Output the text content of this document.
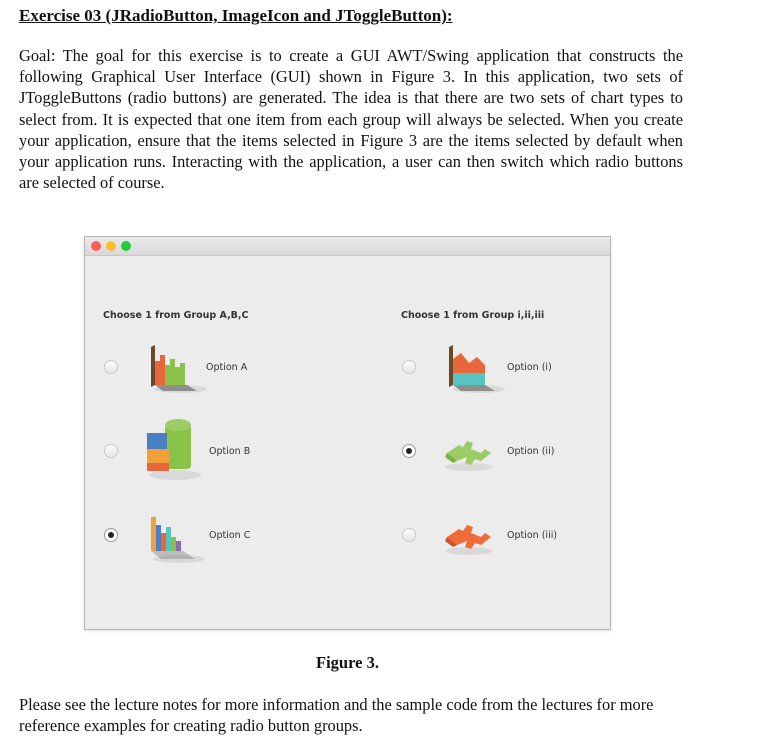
Exercise 03 (JRadioButton, ImageIcon and JToggleButton):

Goal: The goal for this exercise is to create a GUI AWT/Swing application that constructs the following Graphical User Interface (GUI) shown in Figure 3. In this application, two sets of JToggleButtons (radio buttons) are generated. The idea is that there are two sets of chart types to select from. It is expected that one item from each group will always be selected. When you create your application, ensure that the items selected in Figure 3 are the items selected by default when your application runs. Interacting with the application, a user can then switch which radio buttons are selected of course.

Choose 1 from Group A,B,C
Option A
Option B
Option C
Choose 1 from Group i,ii,iii
Option (i)
Option (ii)
Option (iii)

Figure 3.

Please see the lecture notes for more information and the sample code from the lectures for more reference examples for creating radio button groups.
